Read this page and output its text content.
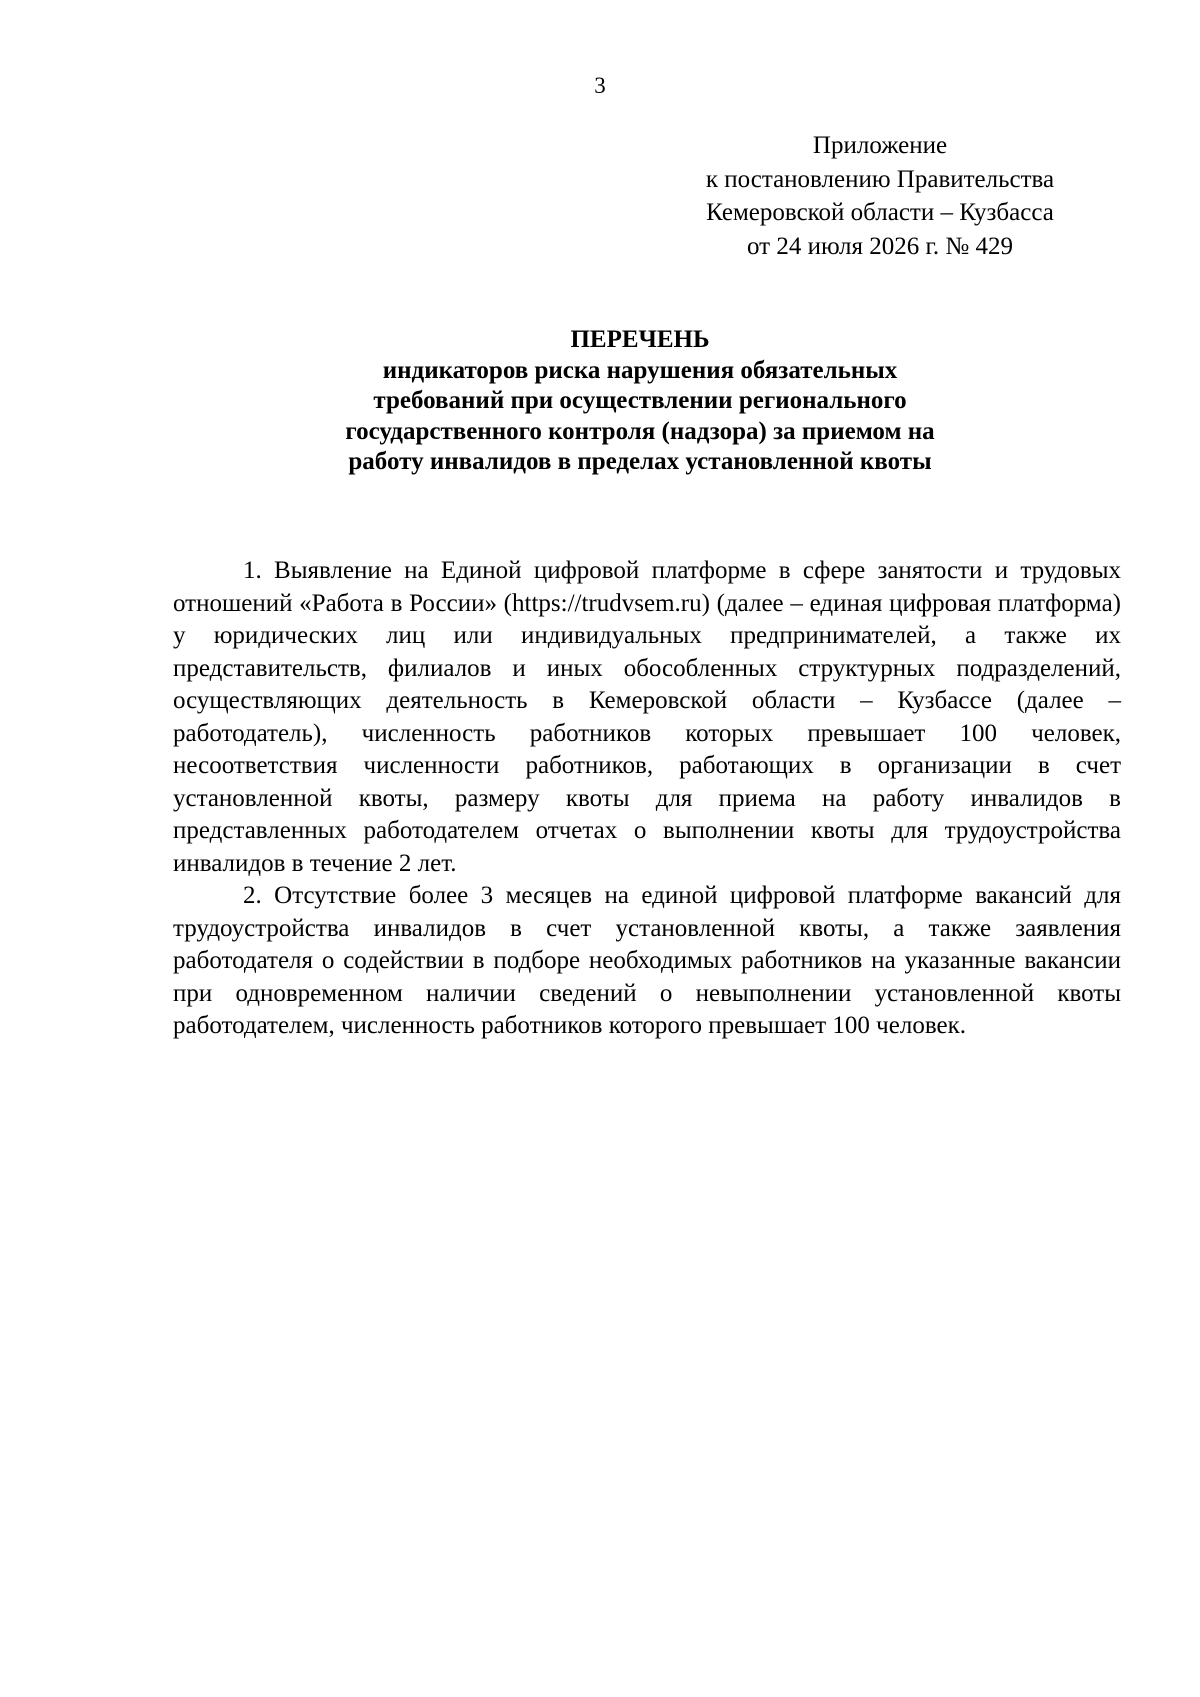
3
Приложение
к постановлению Правительства
Кемеровской области – Кузбасса
от 24 июля 2026 г. № 429
ПЕРЕЧЕНЬ
индикаторов риска нарушения обязательных
требований при осуществлении регионального
государственного контроля (надзора) за приемом на
работу инвалидов в пределах установленной квоты

1. Выявление на Единой цифровой платформе в сфере занятости и трудовых отношений «Работа в России» (https://trudvsem.ru) (далее – единая цифровая платформа) у юридических лиц или индивидуальных предпринимателей, а также их представительств, филиалов и иных обособленных структурных подразделений, осуществляющих деятельность в Кемеровской области – Кузбассе (далее – работодатель), численность работников которых превышает 100 человек, несоответствия численности работников, работающих в организации в счет установленной квоты, размеру квоты для приема на работу инвалидов в представленных работодателем отчетах о выполнении квоты для трудоустройства инвалидов в течение 2 лет.

2. Отсутствие более 3 месяцев на единой цифровой платформе вакансий для трудоустройства инвалидов в счет установленной квоты, а также заявления работодателя о содействии в подборе необходимых работников на указанные вакансии при одновременном наличии сведений о невыполнении установленной квоты работодателем, численность работников которого превышает 100 человек.
